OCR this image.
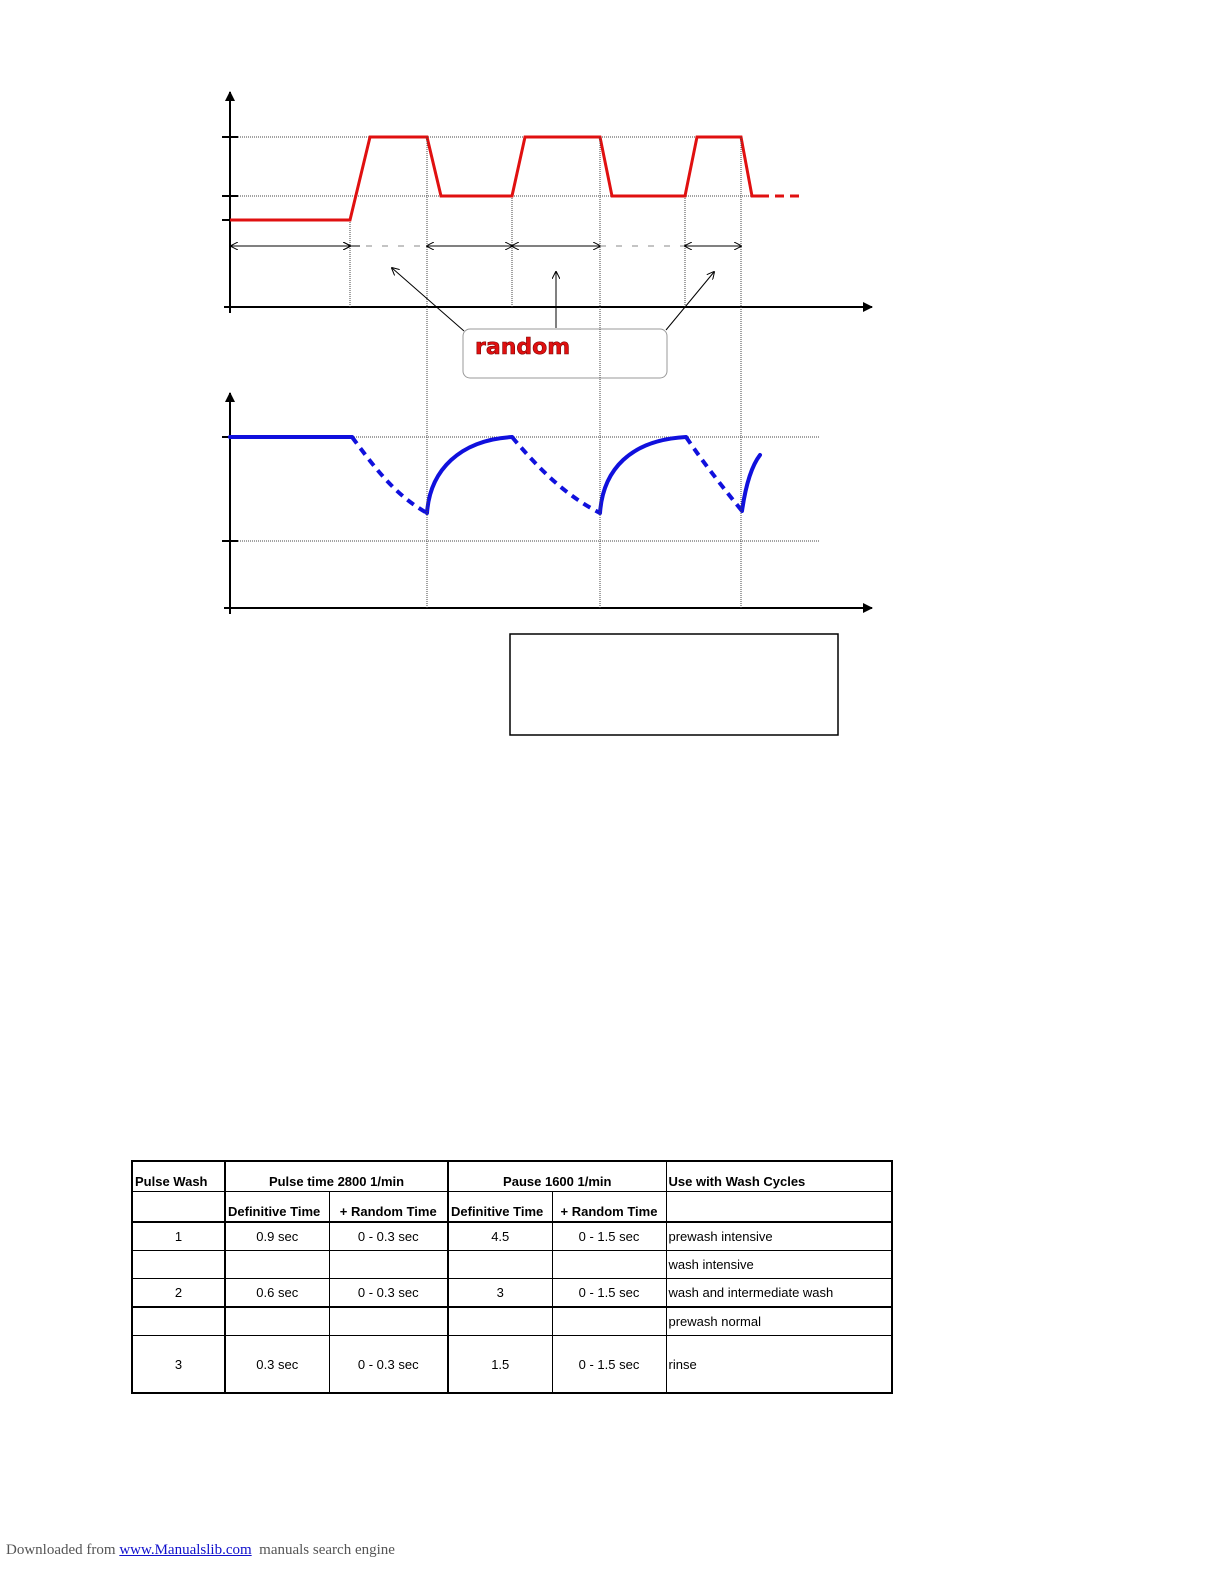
random
Pulse Wash	Pulse time 2800 1/min		Pause 1600 1/min		Use with Wash Cycles
	Definitive Time	+ Random Time	Definitive Time	+ Random Time	
1	0.9 sec	0 - 0.3 sec	4.5	0 - 1.5 sec	prewash intensive
					wash intensive
2	0.6 sec	0 - 0.3 sec	3	0 - 1.5 sec	wash and intermediate wash
					prewash normal
3	0.3 sec	0 - 0.3 sec	1.5	0 - 1.5 sec	rinse
Downloaded from www.Manualslib.com  manuals search engine
